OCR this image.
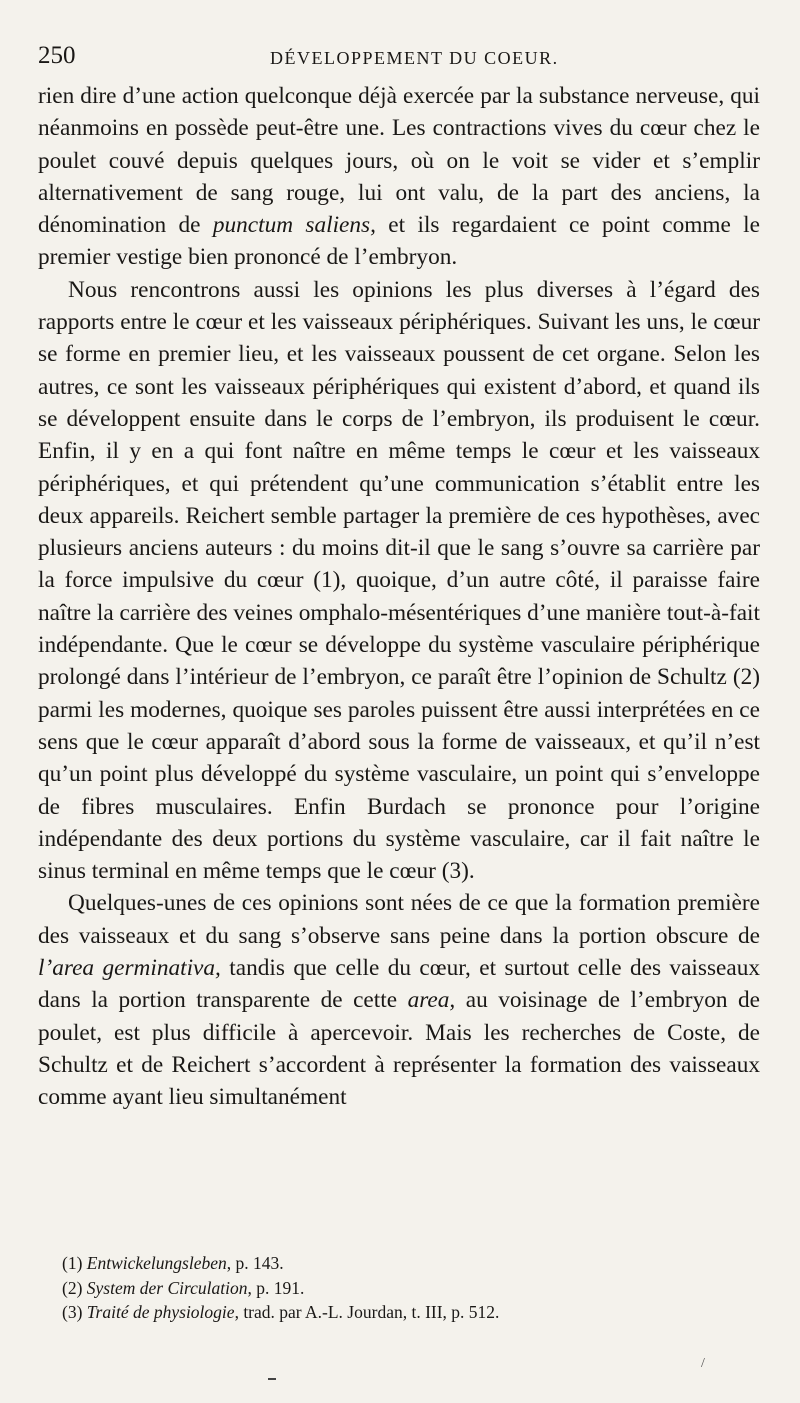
250	DÉVELOPPEMENT DU COEUR.

rien dire d’une action quelconque déjà exercée par la substance nerveuse, qui néanmoins en possède peut-être une. Les contractions vives du cœur chez le poulet couvé depuis quelques jours, où on le voit se vider et s’emplir alternativement de sang rouge, lui ont valu, de la part des anciens, la dénomination de punctum saliens, et ils regardaient ce point comme le premier vestige bien prononcé de l’embryon.

Nous rencontrons aussi les opinions les plus diverses à l’égard des rapports entre le cœur et les vaisseaux périphériques. Suivant les uns, le cœur se forme en premier lieu, et les vaisseaux poussent de cet organe. Selon les autres, ce sont les vaisseaux périphériques qui existent d’abord, et quand ils se développent ensuite dans le corps de l’embryon, ils produisent le cœur. Enfin, il y en a qui font naître en même temps le cœur et les vaisseaux périphériques, et qui prétendent qu’une communication s’établit entre les deux appareils. Reichert semble partager la première de ces hypothèses, avec plusieurs anciens auteurs : du moins dit-il que le sang s’ouvre sa carrière par la force impulsive du cœur (1), quoique, d’un autre côté, il paraisse faire naître la carrière des veines omphalo-mésentériques d’une manière tout-à-fait indépendante. Que le cœur se développe du système vasculaire périphérique prolongé dans l’intérieur de l’embryon, ce paraît être l’opinion de Schultz (2) parmi les modernes, quoique ses paroles puissent être aussi interprétées en ce sens que le cœur apparaît d’abord sous la forme de vaisseaux, et qu’il n’est qu’un point plus développé du système vasculaire, un point qui s’enveloppe de fibres musculaires. Enfin Burdach se prononce pour l’origine indépendante des deux portions du système vasculaire, car il fait naître le sinus terminal en même temps que le cœur (3).

Quelques-unes de ces opinions sont nées de ce que la formation première des vaisseaux et du sang s’observe sans peine dans la portion obscure de l’area germinativa, tandis que celle du cœur, et surtout celle des vaisseaux dans la portion transparente de cette area, au voisinage de l’embryon de poulet, est plus difficile à apercevoir. Mais les recherches de Coste, de Schultz et de Reichert s’accordent à représenter la formation des vaisseaux comme ayant lieu simultanément

(1) Entwickelungsleben, p. 143.
(2) System der Circulation, p. 191.
(3) Traité de physiologie, trad. par A.-L. Jourdan, t. III, p. 512.
/
